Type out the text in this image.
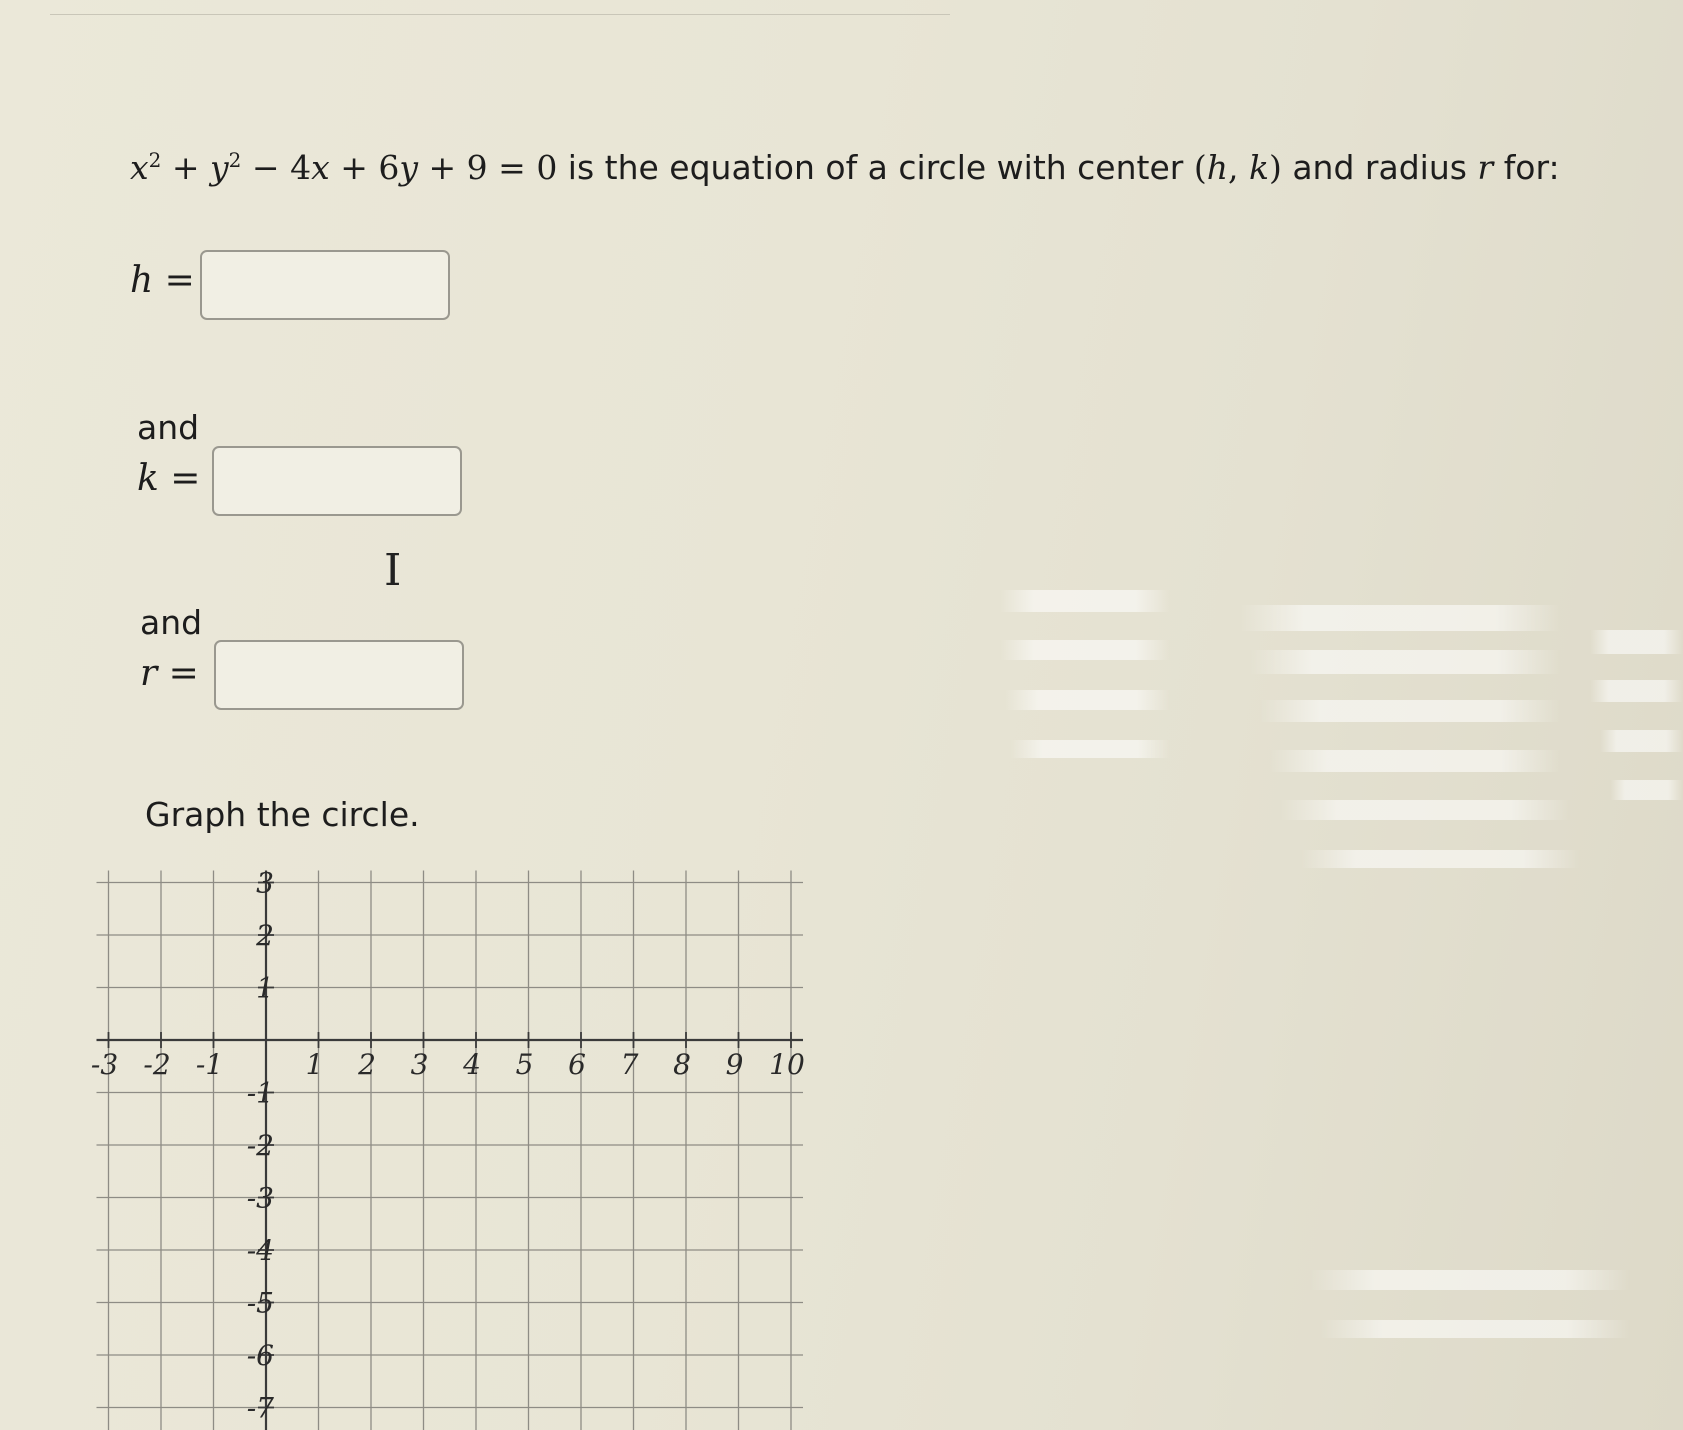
$x^2 + y^2 - 4x + 6y + 9 = 0$ is the equation of a circle with center (h, k) and radius r for:
h =
and
k =
I
and
r =
Graph the circle.
-3 -2 -1	1 2 3 4 5 6 7 8 9 10
3
2
1
-1
-2
-3
-4
-5
-6
-7
